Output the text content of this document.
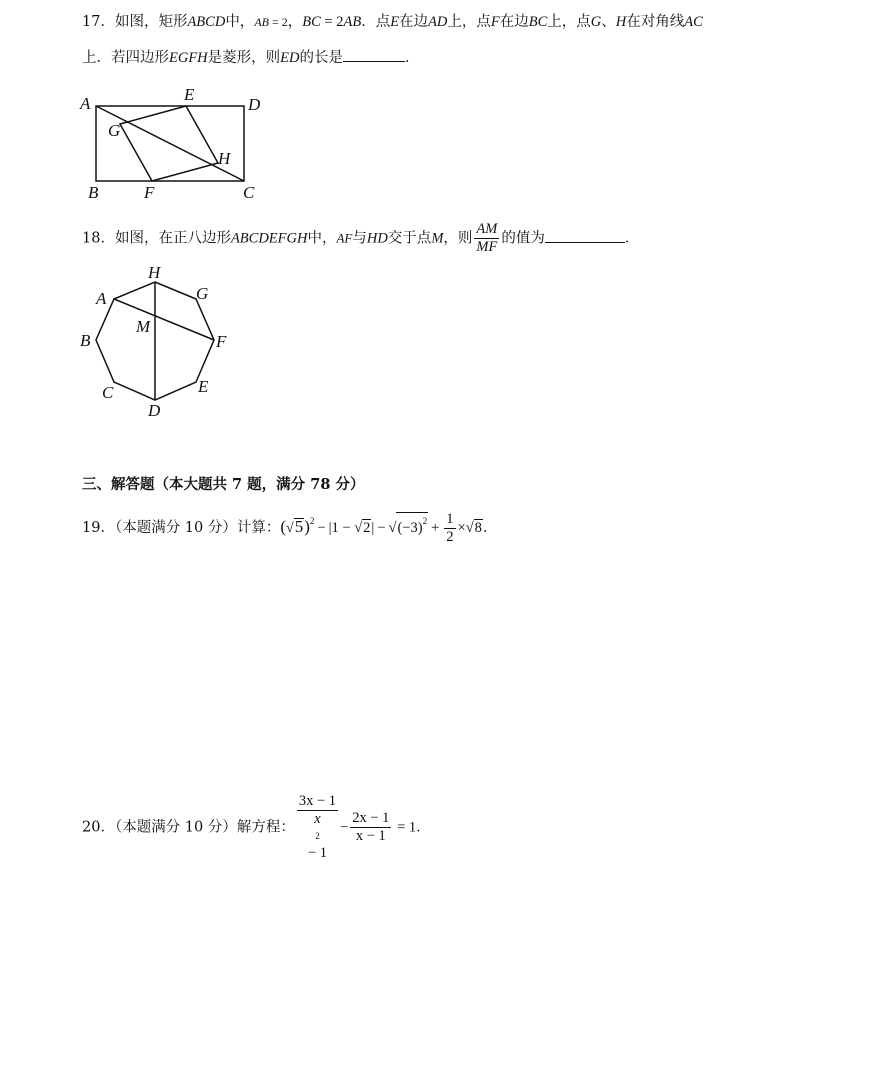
17．如图，矩形ABCD中，AB = 2，BC = 2AB．点E在边AD上，点F在边BC上，点G、H在对角线AC
上．若四边形EGFH是菱形，则ED的长是	．
A	E
D
G
H
B	F	C
18．如图，在正八边形ABCDEFGH中，AF与HD交于点M，则 $\frac{AM}{MF}$ 的值为	．
H
G
A
M
B	F
C	E
D
三、解答题（本大题共 7 题，满分 78 分）
19．（本题满分 10 分）计算：$(√5)^2 - |1 - √2| - √(-3)^2 + \frac{1}{2} \times√8$．
20．（本题满分 10 分）解方程： 3x − 1
x
2
− $1 - \frac{2x - 1}{x - 1} = 1$．
